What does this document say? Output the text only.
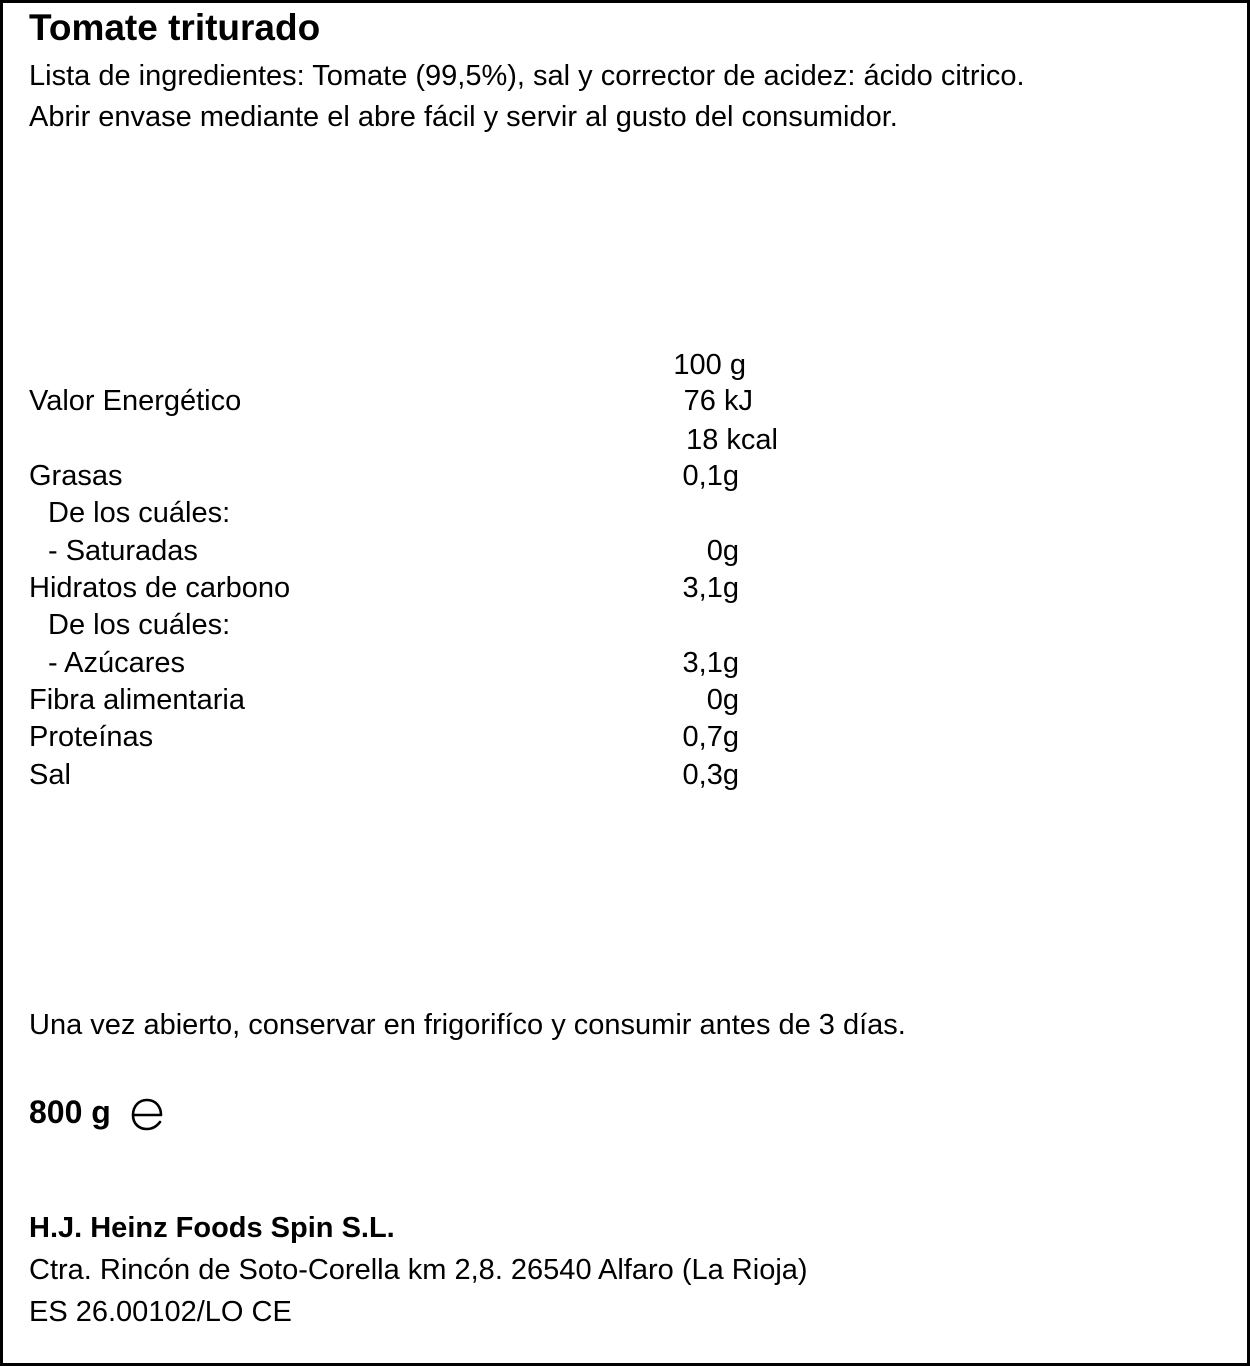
Tomate triturado
Lista de ingredientes: Tomate (99,5%), sal y corrector de acidez: ácido citrico.
Abrir envase mediante el abre fácil y servir al gusto del consumidor.
100 g
Valor Energético	76 kJ
18 kcal
Grasas	0,1g
De los cuáles:
- Saturadas	0g
Hidratos de carbono	3,1g
De los cuáles:
- Azúcares	3,1g
Fibra alimentaria	0g
Proteínas	0,7g
Sal	0,3g
Una vez abierto, conservar en frigorifíco y consumir antes de 3 días.
800 g
H.J. Heinz Foods Spin S.L.
Ctra. Rincón de Soto-Corella km 2,8. 26540 Alfaro (La Rioja)
ES 26.00102/LO CE
